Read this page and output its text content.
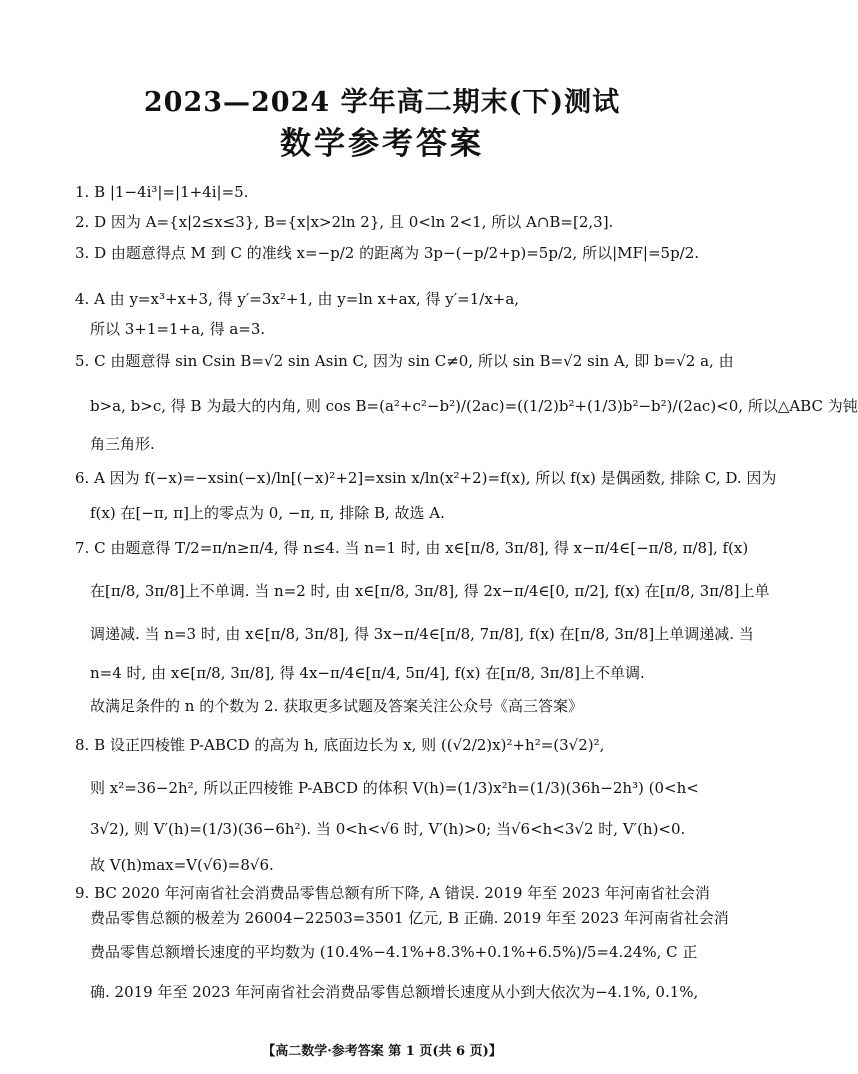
2023—2024 学年高二期末(下)测试
数学参考答案
1. B |1−4i³|=|1+4i|=5.
2. D 因为 A={x|2≤x≤3}, B={x|x>2ln 2}, 且 0<ln 2<1, 所以 A∩B=[2,3].
3. D 由题意得点 M 到 C 的准线 x=−p/2 的距离为 3p−(−p/2+p)=5p/2, 所以|MF|=5p/2.
4. A 由 y=x³+x+3, 得 y′=3x²+1, 由 y=ln x+ax, 得 y′=1/x+a,
所以 3+1=1+a, 得 a=3.
5. C 由题意得 sin Csin B=√2 sin Asin C, 因为 sin C≠0, 所以 sin B=√2 sin A, 即 b=√2 a, 由
b>a, b>c, 得 B 为最大的内角, 则 cos B=(a²+c²−b²)/(2ac)=((1/2)b²+(1/3)b²−b²)/(2ac)<0, 所以△ABC 为钝
角三角形.
6. A 因为 f(−x)=−xsin(−x)/ln[(−x)²+2]=xsin x/ln(x²+2)=f(x), 所以 f(x) 是偶函数, 排除 C, D. 因为
f(x) 在[−π, π]上的零点为 0, −π, π, 排除 B, 故选 A.
7. C 由题意得 T/2=π/n≥π/4, 得 n≤4. 当 n=1 时, 由 x∈[π/8, 3π/8], 得 x−π/4∈[−π/8, π/8], f(x)
在[π/8, 3π/8]上不单调. 当 n=2 时, 由 x∈[π/8, 3π/8], 得 2x−π/4∈[0, π/2], f(x) 在[π/8, 3π/8]上单
调递减. 当 n=3 时, 由 x∈[π/8, 3π/8], 得 3x−π/4∈[π/8, 7π/8], f(x) 在[π/8, 3π/8]上单调递减. 当
n=4 时, 由 x∈[π/8, 3π/8], 得 4x−π/4∈[π/4, 5π/4], f(x) 在[π/8, 3π/8]上不单调.
故满足条件的 n 的个数为 2. 获取更多试题及答案关注公众号《高三答案》
8. B 设正四棱锥 P-ABCD 的高为 h, 底面边长为 x, 则 ((√2/2)x)²+h²=(3√2)²,
则 x²=36−2h², 所以正四棱锥 P-ABCD 的体积 V(h)=(1/3)x²h=(1/3)(36h−2h³) (0<h<
3√2), 则 V′(h)=(1/3)(36−6h²). 当 0<h<√6 时, V′(h)>0; 当√6<h<3√2 时, V′(h)<0.
故 V(h)max=V(√6)=8√6.
9. BC 2020 年河南省社会消费品零售总额有所下降, A 错误. 2019 年至 2023 年河南省社会消
费品零售总额的极差为 26004−22503=3501 亿元, B 正确. 2019 年至 2023 年河南省社会消
费品零售总额增长速度的平均数为 (10.4%−4.1%+8.3%+0.1%+6.5%)/5=4.24%, C 正
确. 2019 年至 2023 年河南省社会消费品零售总额增长速度从小到大依次为−4.1%, 0.1%,
【高二数学·参考答案 第 1 页(共 6 页)】
